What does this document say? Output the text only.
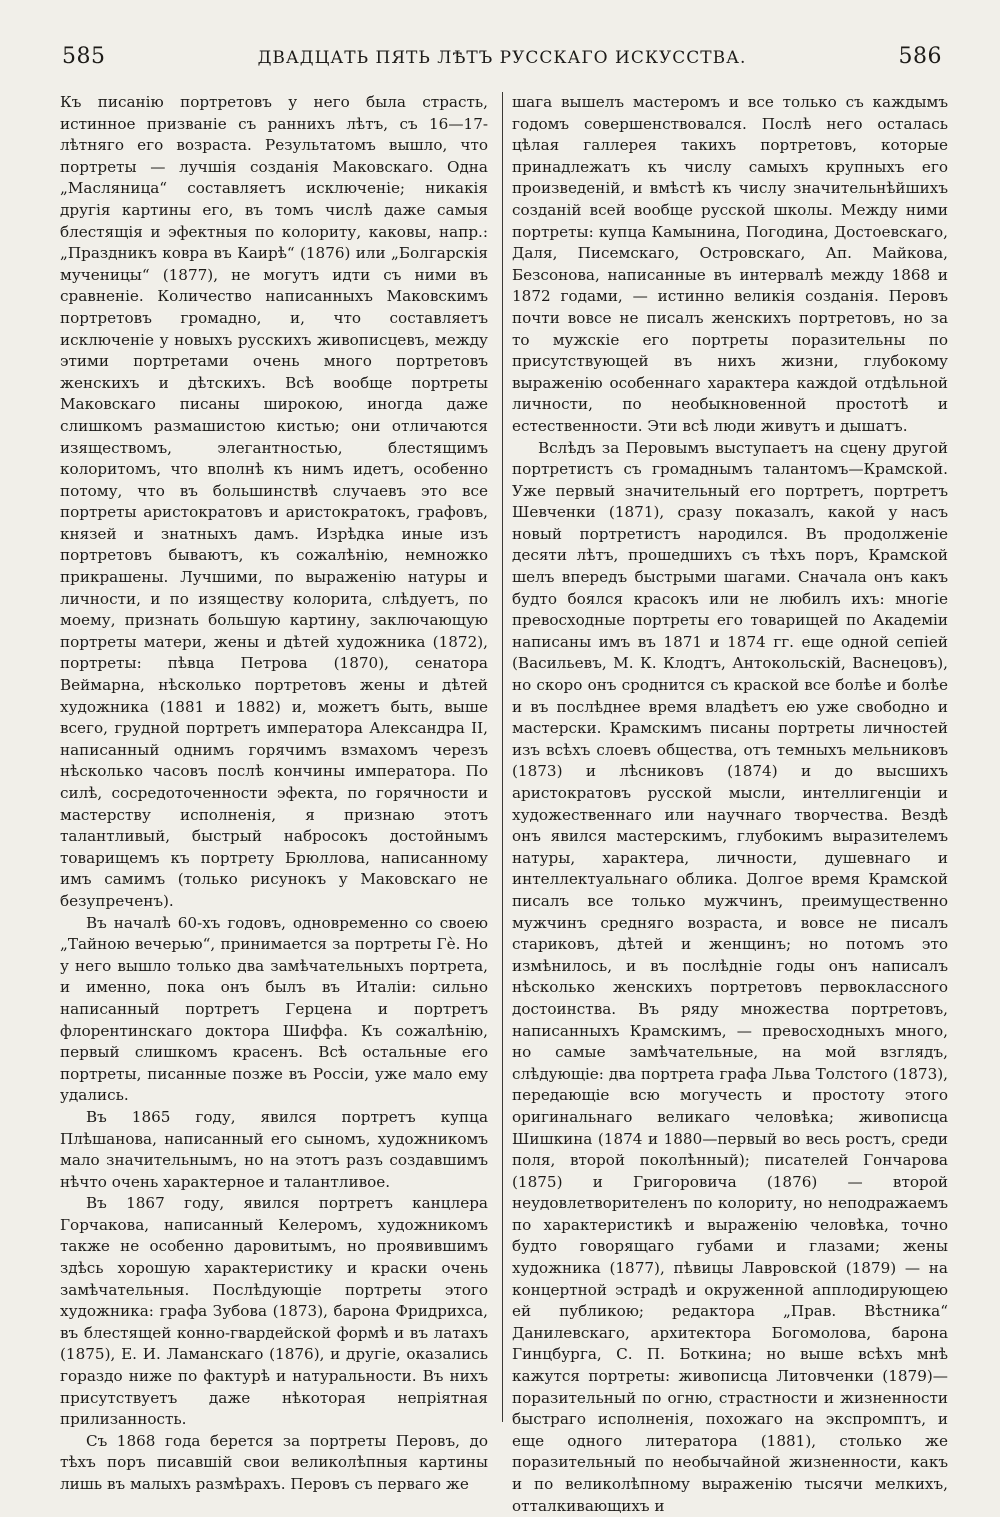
585	ДВАДЦАТЬ ПЯТЬ ЛѢТЪ РУССКАГО ИСКУССТВА.	586

Къ писанію портретовъ у него была страсть, истинное призваніе съ раннихъ лѣтъ, съ 16—17-лѣтняго его возраста. Результатомъ вышло, что портреты — лучшія созданія Маковскаго. Одна „Масляница“ составляетъ исключеніе; никакія другія картины его, въ томъ числѣ даже самыя блестящія и эфектныя по колориту, каковы, напр.: „Праздникъ ковра въ Каирѣ“ (1876) или „Болгарскія мученицы“ (1877), не могутъ идти съ ними въ сравненіе. Количество написанныхъ Маковскимъ портретовъ громадно, и, что составляетъ исключеніе у новыхъ русскихъ живописцевъ, между этими портретами очень много портретовъ женскихъ и дѣтскихъ. Всѣ вообще портреты Маковскаго писаны широкою, иногда даже слишкомъ размашистою кистью; они отличаются изяществомъ, элегантностью, блестящимъ колоритомъ, что вполнѣ къ нимъ идетъ, особенно потому, что въ большинствѣ случаевъ это все портреты аристократовъ и аристократокъ, графовъ, князей и знатныхъ дамъ. Изрѣдка иные изъ портретовъ бываютъ, къ сожалѣнію, немножко прикрашены. Лучшими, по выраженію натуры и личности, и по изяществу колорита, слѣдуетъ, по моему, признать большую картину, заключающую портреты матери, жены и дѣтей художника (1872), портреты: пѣвца Петрова (1870), сенатора Веймарна, нѣсколько портретовъ жены и дѣтей художника (1881 и 1882) и, можетъ быть, выше всего, грудной портретъ императора Александра II, написанный однимъ горячимъ взмахомъ черезъ нѣсколько часовъ послѣ кончины императора. По силѣ, сосредоточенности эфекта, по горячности и мастерству исполненія, я признаю этотъ талантливый, быстрый набросокъ достойнымъ товарищемъ къ портрету Брюллова, написанному имъ самимъ (только рисунокъ у Маковскаго не безупреченъ).

Въ началѣ 60-хъ годовъ, одновременно со своею „Тайною вечерью“, принимается за портреты Гѐ. Но у него вышло только два замѣчательныхъ портрета, и именно, пока онъ былъ въ Италіи: сильно написанный портретъ Герцена и портретъ флорентинскаго доктора Шиффа. Къ сожалѣнію, первый слишкомъ красенъ. Всѣ остальные его портреты, писанные позже въ Россіи, уже мало ему удались.

Въ 1865 году, явился портретъ купца Плѣшанова, написанный его сыномъ, художникомъ мало значительнымъ, но на этотъ разъ создавшимъ нѣчто очень характерное и талантливое.

Въ 1867 году, явился портретъ канцлера Горчакова, написанный Келеромъ, художникомъ также не особенно даровитымъ, но проявившимъ здѣсь хорошую характеристику и краски очень замѣчательныя. Послѣдующіе портреты этого художника: графа Зубова (1873), барона Фридрихса, въ блестящей конно-гвардейской формѣ и въ латахъ (1875), Е. И. Ламанскаго (1876), и другіе, оказались гораздо ниже по фактурѣ и натуральности. Въ нихъ присутствуетъ даже нѣкоторая непріятная прилизанность.

Съ 1868 года берется за портреты Перовъ, до тѣхъ поръ писавшій свои великолѣпныя картины лишь въ малыхъ размѣрахъ. Перовъ съ перваго же

шага вышелъ мастеромъ и все только съ каждымъ годомъ совершенствовался. Послѣ него осталась цѣлая галлерея такихъ портретовъ, которые принадлежатъ къ числу самыхъ крупныхъ его произведеній, и вмѣстѣ къ числу значительнѣйшихъ созданій всей вообще русской школы. Между ними портреты: купца Камынина, Погодина, Достоевскаго, Даля, Писемскаго, Островскаго, Ап. Майкова, Безсонова, написанные въ интервалѣ между 1868 и 1872 годами, — истинно великія созданія. Перовъ почти вовсе не писалъ женскихъ портретовъ, но за то мужскіе его портреты поразительны по присутствующей въ нихъ жизни, глубокому выраженію особеннаго характера каждой отдѣльной личности, по необыкновенной простотѣ и естественности. Эти всѣ люди живутъ и дышатъ.

Вслѣдъ за Перовымъ выступаетъ на сцену другой портретистъ съ громаднымъ талантомъ—Крамской. Уже первый значительный его портретъ, портретъ Шевченки (1871), сразу показалъ, какой у насъ новый портретистъ народился. Въ продолженіе десяти лѣтъ, прошедшихъ съ тѣхъ поръ, Крамской шелъ впередъ быстрыми шагами. Сначала онъ какъ будто боялся красокъ или не любилъ ихъ: многіе превосходные портреты его товарищей по Академіи написаны имъ въ 1871 и 1874 гг. еще одной сепіей (Васильевъ, М. К. Клодтъ, Антокольскій, Васнецовъ), но скоро онъ сроднится съ краской все болѣе и болѣе и въ послѣднее время владѣетъ ею уже свободно и мастерски. Крамскимъ писаны портреты личностей изъ всѣхъ слоевъ общества, отъ темныхъ мельниковъ (1873) и лѣсниковъ (1874) и до высшихъ аристократовъ русской мысли, интеллигенціи и художественнаго или научнаго творчества. Вездѣ онъ явился мастерскимъ, глубокимъ выразителемъ натуры, характера, личности, душевнаго и интеллектуальнаго облика. Долгое время Крамской писалъ все только мужчинъ, преимущественно мужчинъ средняго возраста, и вовсе не писалъ стариковъ, дѣтей и женщинъ; но потомъ это измѣнилось, и въ послѣдніе годы онъ написалъ нѣсколько женскихъ портретовъ первоклассного достоинства. Въ ряду множества портретовъ, написанныхъ Крамскимъ, — превосходныхъ много, но самые замѣчательные, на мой взглядъ, слѣдующіе: два портрета графа Льва Толстого (1873), передающіе всю могучесть и простоту этого оригинальнаго великаго человѣка; живописца Шишкина (1874 и 1880—первый во весь ростъ, среди поля, второй поколѣнный); писателей Гончарова (1875) и Григоровича (1876) — второй неудовлетворителенъ по колориту, но неподражаемъ по характеристикѣ и выраженію человѣка, точно будто говорящаго губами и глазами; жены художника (1877), пѣвицы Лавровской (1879) — на концертной эстрадѣ и окруженной апплодирующею ей публикою; редактора „Прав. Вѣстника“ Данилевскаго, архитектора Богомолова, барона Гинцбурга, С. П. Боткина; но выше всѣхъ мнѣ кажутся портреты: живописца Литовченки (1879)—поразительный по огню, страстности и жизненности быстраго исполненія, похожаго на экспромптъ, и еще одного литератора (1881), столько же поразительный по необычайной жизненности, какъ и по великолѣпному выраженію тысячи мелкихъ, отталкивающихъ и
